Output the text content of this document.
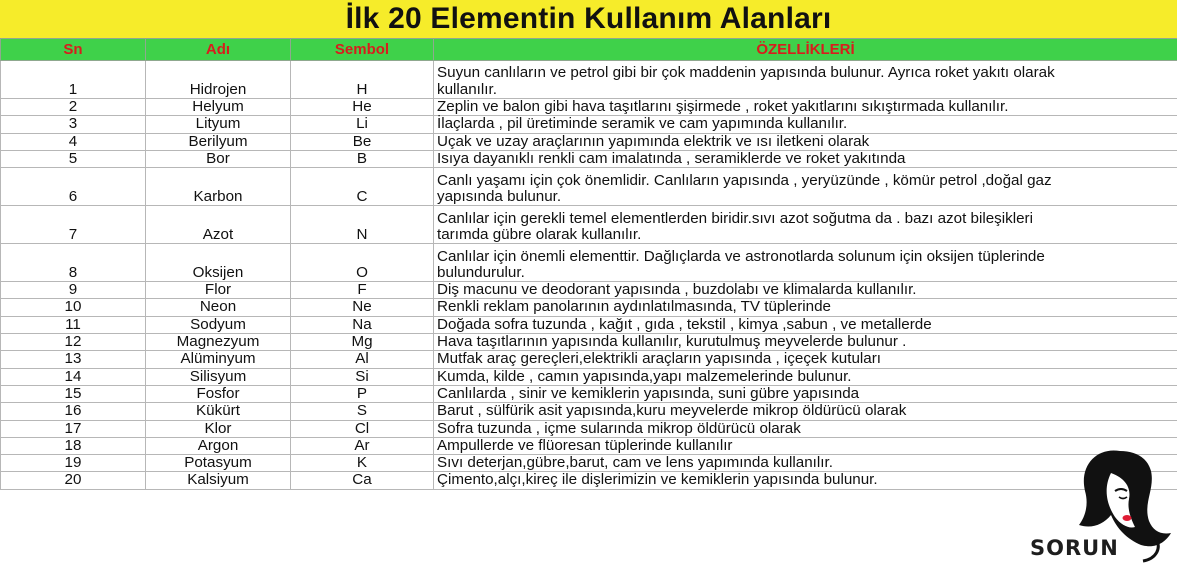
İlk 20 Elementin Kullanım Alanları
Sn	Adı	Sembol	ÖZELLİKLERİ
1	Hidrojen	H	Suyun canlıların ve petrol gibi bir çok maddenin yapısında bulunur. Ayrıca roket yakıtı olarak
kullanılır.

2	Helyum	He	Zeplin ve balon gibi hava taşıtlarını şişirmede , roket yakıtlarını sıkıştırmada kullanılır.

3	Lityum	Li	İlaçlarda , pil üretiminde seramik ve cam yapımında kullanılır.

4	Berilyum	Be	Uçak ve uzay araçlarının yapımında elektrik ve ısı iletkeni olarak

5	Bor	B	Isıya dayanıklı renkli cam imalatında , seramiklerde ve roket yakıtında

6	Karbon	C	Canlı yaşamı için çok önemlidir. Canlıların yapısında , yeryüzünde , kömür petrol ,doğal gaz
yapısında bulunur.

7	Azot	N	Canlılar için gerekli temel elementlerden biridir.sıvı azot soğutma da . bazı azot bileşikleri
tarımda gübre olarak kullanılır.

8	Oksijen	O	Canlılar için önemli elementtir. Dağlıçlarda ve astronotlarda solunum için oksijen tüplerinde
bulundurulur.

9	Flor	F	Diş macunu ve deodorant yapısında , buzdolabı ve klimalarda kullanılır.

10	Neon	Ne	Renkli reklam panolarının aydınlatılmasında, TV tüplerinde

11	Sodyum	Na	Doğada sofra tuzunda , kağıt , gıda , tekstil , kimya ,sabun , ve metallerde

12	Magnezyum	Mg	Hava taşıtlarının yapısında kullanılır, kurutulmuş meyvelerde bulunur .

13	Alüminyum	Al	Mutfak araç gereçleri,elektrikli araçların yapısında , içeçek kutuları

14	Silisyum	Si	Kumda, kilde , camın yapısında,yapı malzemelerinde bulunur.

15	Fosfor	P	Canlılarda , sinir ve kemiklerin yapısında, suni gübre yapısında

16	Kükürt	S	Barut , sülfürik asit yapısında,kuru meyvelerde mikrop öldürücü olarak

17	Klor	Cl	Sofra tuzunda , içme sularında mikrop öldürücü olarak

18	Argon	Ar	Ampullerde ve flüoresan tüplerinde kullanılır

19	Potasyum	K	Sıvı deterjan,gübre,barut, cam ve lens yapımında kullanılır.

20	Kalsiyum	Ca	Çimento,alçı,kireç ile dişlerimizin ve kemiklerin yapısında bulunur.
SORUN
